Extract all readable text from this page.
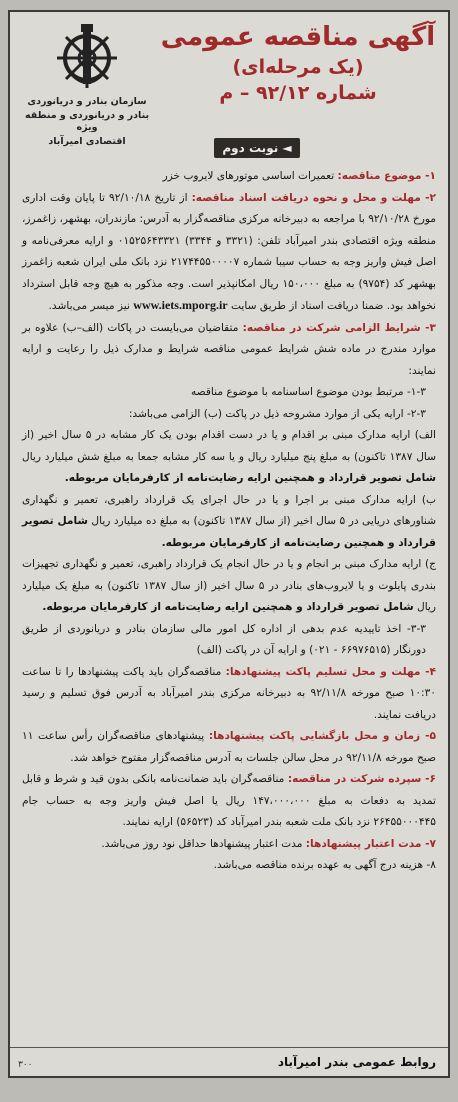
آگهی مناقصه عمومی
(یک مرحله‌ای)
شماره ۹۲/۱۲ – م
سازمان بنادر و دریانوردی
بنادر و دریانوردی و منطقه ویژه
اقتصادی امیرآباد	◄ نوبت دوم

۱- موضوع مناقصه: تعمیرات اساسی موتورهای لایروب خزر

۲- مهلت و محل و نحوه دریافت اسناد مناقصه: از تاریخ ۹۲/۱۰/۱۸ تا پایان وقت اداری مورخ ۹۲/۱۰/۲۸ با مراجعه به دبیرخانه مرکزی مناقصه‌گزار به آدرس: مازندران، بهشهر، زاغمرز، منطقه ویژه اقتصادی بندر امیرآباد تلفن: (۳۳۲۱ و ۳۳۴۴) ۰۱۵۲۵۶۴۳۳۲۱ و ارایه معرفی‌نامه و اصل فیش واریز وجه به حساب سیبا شماره ۲۱۷۴۴۵۵۰۰۰۰۷ نزد بانک ملی ایران شعبه زاغمرز بهشهر کد (۹۷۵۴) به مبلغ ۱۵۰،۰۰۰ ریال امکانپذیر است. وجه مذکور به هیچ وجه قابل استرداد نخواهد بود. ضمنا دریافت اسناد از طریق سایت www.iets.mporg.ir نیز میسر می‌باشد.

۳- شرایط الزامی شرکت در مناقصه: متقاضیان می‌بایست در پاکات (الف–ب) علاوه بر موارد مندرج در ماده شش شرایط عمومی مناقصه شرایط و مدارک ذیل را رعایت و ارایه نمایند:

۱-۳- مرتبط بودن موضوع اساسنامه با موضوع مناقصه

۲-۳- ارایه یکی از موارد مشروحه ذیل در پاکت (ب) الزامی می‌باشد:

الف) ارایه مدارک مبنی بر اقدام و یا در دست اقدام بودن یک کار مشابه در ۵ سال اخیر (از سال ۱۳۸۷ تاکنون) به مبلغ پنج میلیارد ریال و یا سه کار مشابه جمعا به مبلغ شش میلیارد ریال شامل تصویر قرارداد و همچنین ارایه رضایت‌نامه از کارفرمایان مربوطه.

ب) ارایه مدارک مبنی بر اجرا و یا در حال اجرای یک قرارداد راهبری، تعمیر و نگهداری شناورهای دریایی در ۵ سال اخیر (از سال ۱۳۸۷ تاکنون) به مبلغ ده میلیارد ریال شامل تصویر قرارداد و همچنین رضایت‌نامه از کارفرمایان مربوطه.

ج) ارایه مدارک مبنی بر انجام و یا در حال انجام یک قرارداد راهبری، تعمیر و نگهداری تجهیزات بندری پایلوت و یا لایروب‌های بنادر در ۵ سال اخیر (از سال ۱۳۸۷ تاکنون) به مبلغ یک میلیارد ریال شامل تصویر قرارداد و همچنین ارایه رضایت‌نامه از کارفرمایان مربوطه.

۳-۳- اخذ تاییدیه عدم بدهی از اداره کل امور مالی سازمان بنادر و دریانوردی از طریق دورنگار (۶۶۹۷۶۵۱۵ - ۰۲۱) و ارایه آن در پاکت (الف)

۴- مهلت و محل تسلیم پاکت پیشنهادها: مناقصه‌گران باید پاکت پیشنهادها را تا ساعت ۱۰:۳۰ صبح مورخه ۹۲/۱۱/۸ به دبیرخانه مرکزی بندر امیرآباد به آدرس فوق تسلیم و رسید دریافت نمایند.

۵- زمان و محل بازگشایی پاکت پیشنهادها: پیشنهادهای مناقصه‌گران رأس ساعت ۱۱ صبح مورخه ۹۲/۱۱/۸ در محل سالن جلسات به آدرس مناقصه‌گزار مفتوح خواهد شد.

۶- سپرده شرکت در مناقصه: مناقصه‌گران باید ضمانت‌نامه بانکی بدون قید و شرط و قابل تمدید به دفعات به مبلغ ۱۴۷،۰۰۰،۰۰۰ ریال یا اصل فیش واریز وجه به حساب جام ۲۶۴۵۵۰۰۰۴۴۵ نزد بانک ملت شعبه بندر امیرآباد کد (۵۶۵۲۳) ارایه نمایند.

۷- مدت اعتبار پیشنهادها: مدت اعتبار پیشنهادها حداقل نود روز می‌باشد.

۸- هزینه درج آگهی به عهده برنده مناقصه می‌باشد.

روابط عمومی بندر امیرآباد
۳۰۰
